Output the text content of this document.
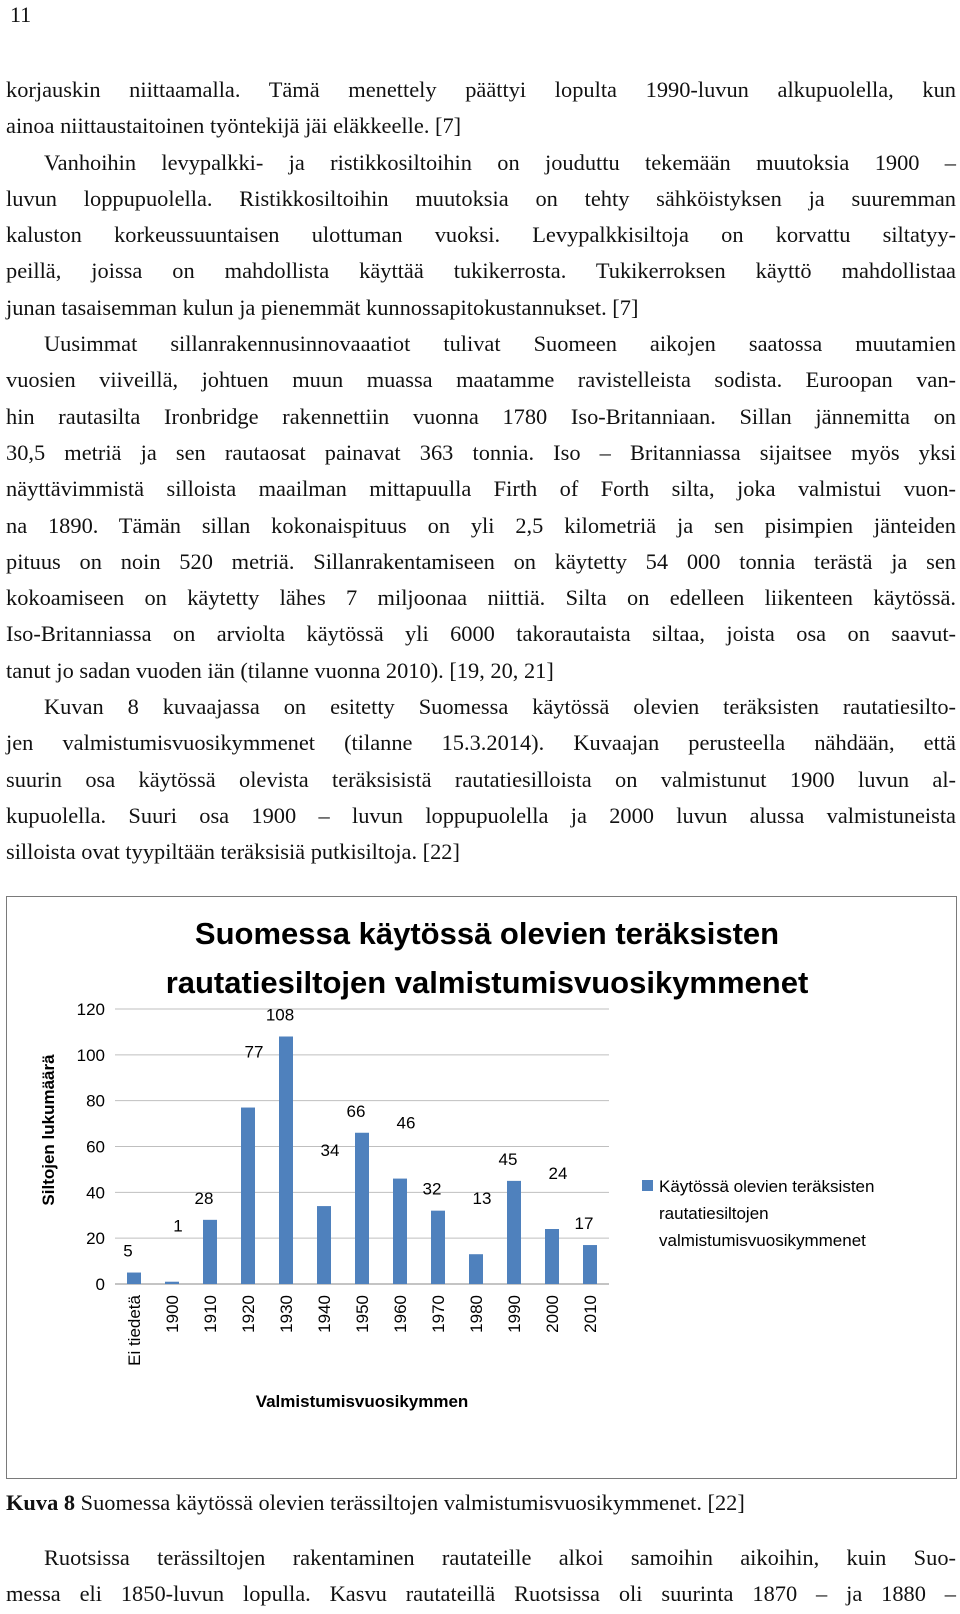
11

korjauskin niittaamalla. Tämä menettely päättyi lopulta 1990-luvun alkupuolella, kun
ainoa niittaustaitoinen työntekijä jäi eläkkeelle. [7]
Vanhoihin levypalkki- ja ristikkosiltoihin on jouduttu tekemään muutoksia 1900 –
luvun loppupuolella. Ristikkosiltoihin muutoksia on tehty sähköistyksen ja suuremman
kaluston korkeussuuntaisen ulottuman vuoksi. Levypalkkisiltoja on korvattu siltatyy-
peillä, joissa on mahdollista käyttää tukikerrosta. Tukikerroksen käyttö mahdollistaa
junan tasaisemman kulun ja pienemmät kunnossapitokustannukset. [7]
Uusimmat sillanrakennusinnovaaatiot tulivat Suomeen aikojen saatossa muutamien
vuosien viiveillä, johtuen muun muassa maatamme ravistelleista sodista. Euroopan van-
hin rautasilta Ironbridge rakennettiin vuonna 1780 Iso-Britanniaan. Sillan jännemitta on
30,5 metriä ja sen rautaosat painavat 363 tonnia. Iso – Britanniassa sijaitsee myös yksi
näyttävimmistä silloista maailman mittapuulla Firth of Forth silta, joka valmistui vuon-
na 1890. Tämän sillan kokonaispituus on yli 2,5 kilometriä ja sen pisimpien jänteiden
pituus on noin 520 metriä. Sillanrakentamiseen on käytetty 54 000 tonnia terästä ja sen
kokoamiseen on käytetty lähes 7 miljoonaa niittiä. Silta on edelleen liikenteen käytössä.
Iso-Britanniassa on arviolta käytössä yli 6000 takorautaista siltaa, joista osa on saavut-
tanut jo sadan vuoden iän (tilanne vuonna 2010). [19, 20, 21]
Kuvan 8 kuvaajassa on esitetty Suomessa käytössä olevien teräksisten rautatiesilto-
jen valmistumisvuosikymmenet (tilanne 15.3.2014). Kuvaajan perusteella nähdään, että
suurin osa käytössä olevista teräksisistä rautatiesilloista on valmistunut 1900 luvun al-
kupuolella. Suuri osa 1900 – luvun loppupuolella ja 2000 luvun alussa valmistuneista
silloista ovat tyypiltään teräksisiä putkisiltoja. [22]

Suomessa käytössä olevien teräksisten
rautatiesiltojen valmistumisvuosikymmenet
0
20
40
60
80
100
120
5
1
28
77
108
34
66
46
32
13
45
24
17
Ei tiedetä 1900 1910 1920 1930 1940 1950 1960 1970 1980 1990 2000 2010
Siltojen lukumäärä
Valmistumisvuosikymmen
Käytössä olevien teräksisten
rautatiesiltojen
valmistumisvuosikymmenet
Kuva 8 Suomessa käytössä olevien terässiltojen valmistumisvuosikymmenet. [22]

Ruotsissa terässiltojen rakentaminen rautateille alkoi samoihin aikoihin, kuin Suo-
messa eli 1850-luvun lopulla. Kasvu rautateillä Ruotsissa oli suurinta 1870 – ja 1880 –
